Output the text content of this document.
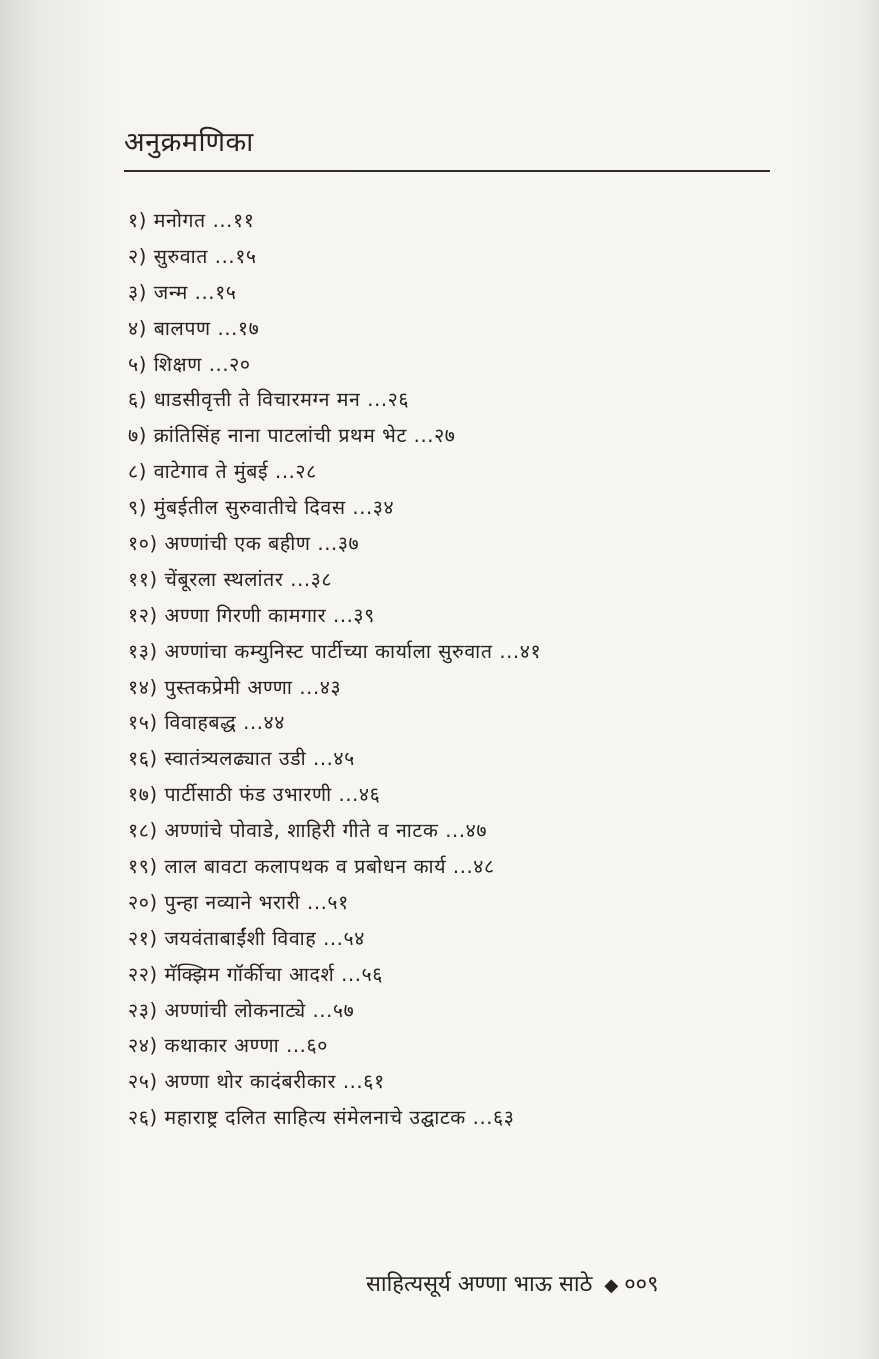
अनुक्रमणिका
१) मनोगत ...११
२) सुरुवात ...१५
३) जन्म ...१५
४) बालपण ...१७
५) शिक्षण ...२०
६) धाडसीवृत्ती ते विचारमग्न मन ...२६
७) क्रांतिसिंह नाना पाटलांची प्रथम भेट ...२७
८) वाटेगाव ते मुंबई ...२८
९) मुंबईतील सुरुवातीचे दिवस ...३४
१०) अण्णांची एक बहीण ...३७
११) चेंबूरला स्थलांतर ...३८
१२) अण्णा गिरणी कामगार ...३९
१३) अण्णांचा कम्युनिस्ट पार्टीच्या कार्याला सुरुवात ...४१
१४) पुस्तकप्रेमी अण्णा ...४३
१५) विवाहबद्ध ...४४
१६) स्वातंत्र्यलढ्यात उडी ...४५
१७) पार्टीसाठी फंड उभारणी ...४६
१८) अण्णांचे पोवाडे, शाहिरी गीते व नाटक ...४७
१९) लाल बावटा कलापथक व प्रबोधन कार्य ...४८
२०) पुन्हा नव्याने भरारी ...५१
२१) जयवंताबाईंशी विवाह ...५४
२२) मॅक्झिम गॉर्कीचा आदर्श ...५६
२३) अण्णांची लोकनाट्ये ...५७
२४) कथाकार अण्णा ...६०
२५) अण्णा थोर कादंबरीकार ...६१
२६) महाराष्ट्र दलित साहित्य संमेलनाचे उद्घाटक ...६३
साहित्यसूर्य अण्णा भाऊ साठे ◆ ००९
